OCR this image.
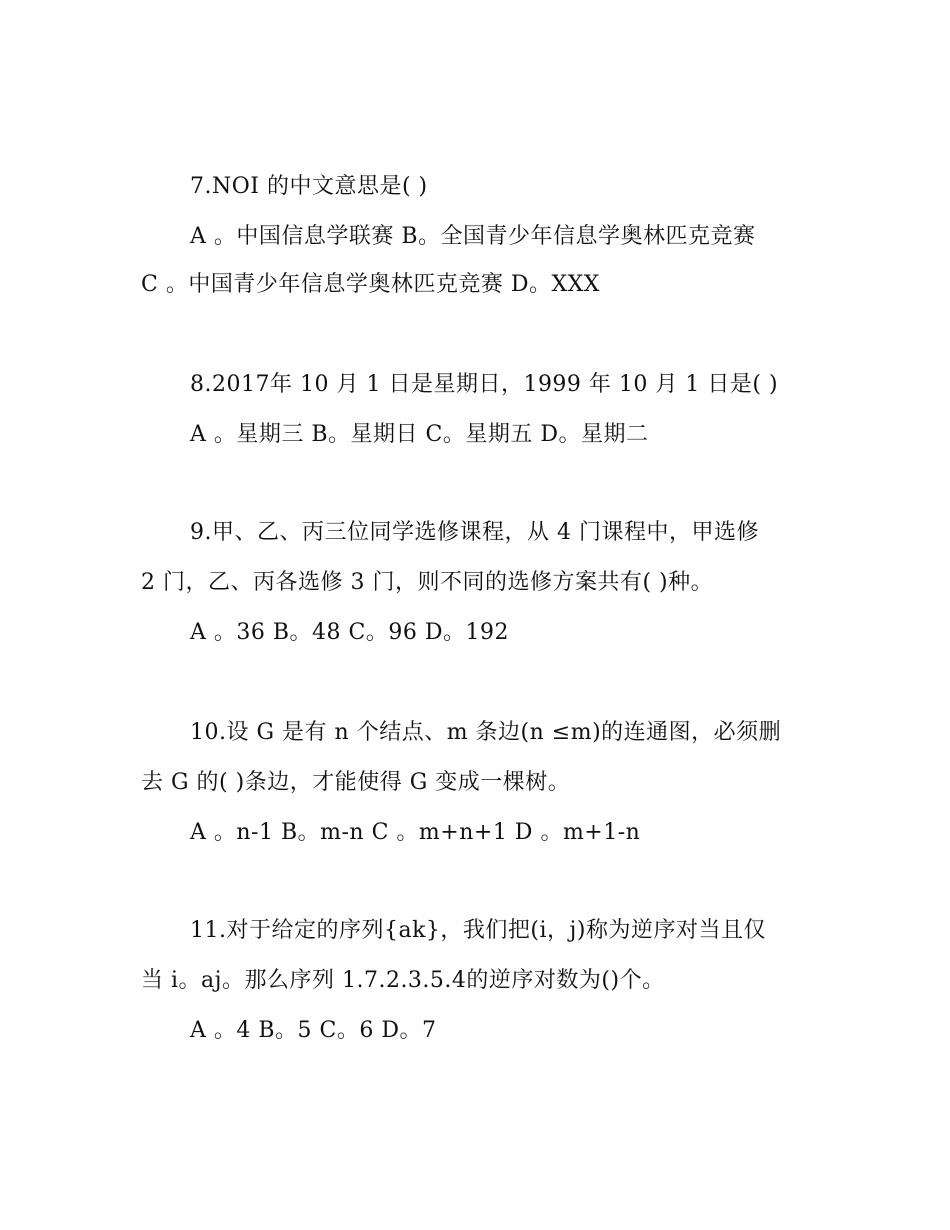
7.NOI 的中文意思是( )
A 。中国信息学联赛 B。全国青少年信息学奥林匹克竞赛
C 。中国青少年信息学奥林匹克竞赛 D。XXX
8.2017年 10 月 1 日是星期日，1999 年 10 月 1 日是( )
A 。星期三 B。星期日 C。星期五 D。星期二
9.甲、乙、丙三位同学选修课程，从 4 门课程中，甲选修
2 门，乙、丙各选修 3 门，则不同的选修方案共有( )种。
A 。36 B。48 C。96 D。192
10.设 G 是有 n 个结点、m 条边(n ≤m)的连通图，必须删
去 G 的( )条边，才能使得 G 变成一棵树。
A 。n-1 B。m-n C 。m+n+1 D 。m+1-n
11.对于给定的序列{ak}，我们把(i，j)称为逆序对当且仅
当 i。aj。那么序列 1.7.2.3.5.4的逆序对数为()个。
A 。4 B。5 C。6 D。7
